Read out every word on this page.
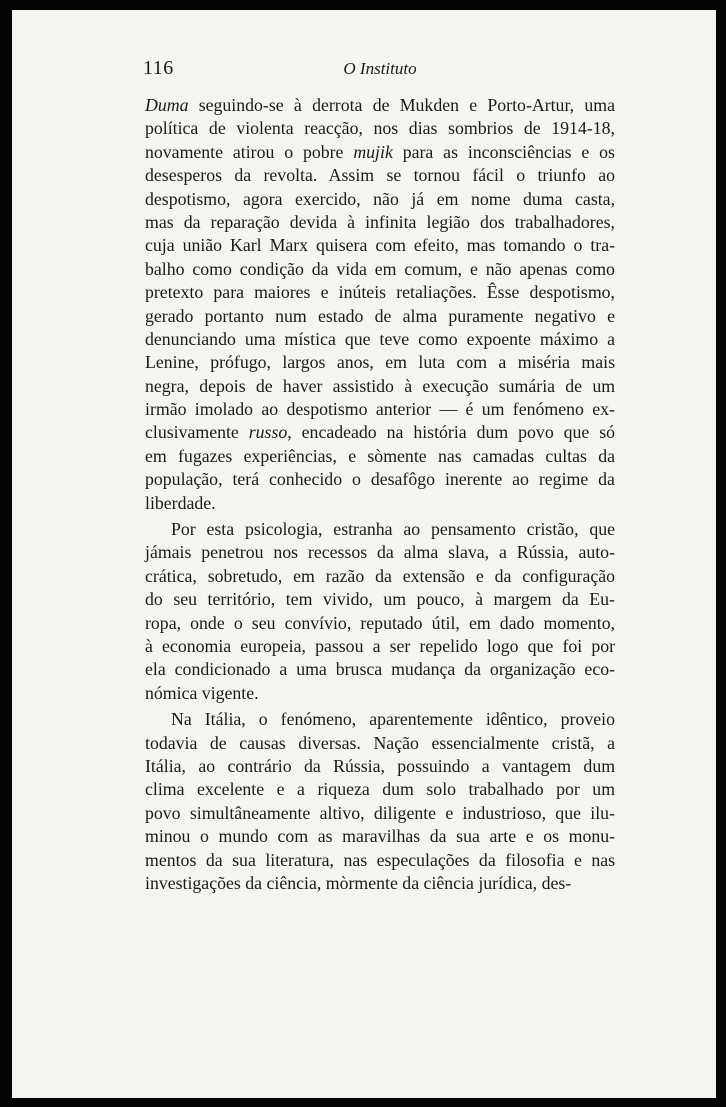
116	O Instituto
Duma seguindo-se à derrota de Mukden e Porto-Artur, uma
política de violenta reacção, nos dias sombrios de 1914-18,
novamente atirou o pobre mujik para as inconsciências e os
desesperos da revolta. Assim se tornou fácil o triunfo ao
despotismo, agora exercido, não já em nome duma casta,
mas da reparação devida à infinita legião dos trabalhadores,
cuja união Karl Marx quisera com efeito, mas tomando o tra-
balho como condição da vida em comum, e não apenas como
pretexto para maiores e inúteis retaliações. Êsse despotismo,
gerado portanto num estado de alma puramente negativo e
denunciando uma mística que teve como expoente máximo a
Lenine, prófugo, largos anos, em luta com a miséria mais
negra, depois de haver assistido à execução sumária de um
irmão imolado ao despotismo anterior — é um fenómeno ex-
clusivamente russo, encadeado na história dum povo que só
em fugazes experiências, e sòmente nas camadas cultas da
população, terá conhecido o desafôgo inerente ao regime da
liberdade.
Por esta psicologia, estranha ao pensamento cristão, que
jámais penetrou nos recessos da alma slava, a Rússia, auto-
crática, sobretudo, em razão da extensão e da configuração
do seu território, tem vivido, um pouco, à margem da Eu-
ropa, onde o seu convívio, reputado útil, em dado momento,
à economia europeia, passou a ser repelido logo que foi por
ela condicionado a uma brusca mudança da organização eco-
nómica vigente.
Na Itália, o fenómeno, aparentemente idêntico, proveio
todavia de causas diversas. Nação essencialmente cristã, a
Itália, ao contrário da Rússia, possuindo a vantagem dum
clima excelente e a riqueza dum solo trabalhado por um
povo simultâneamente altivo, diligente e industrioso, que ilu-
minou o mundo com as maravilhas da sua arte e os monu-
mentos da sua literatura, nas especulações da filosofia e nas
investigações da ciência, mòrmente da ciência jurídica, des-
